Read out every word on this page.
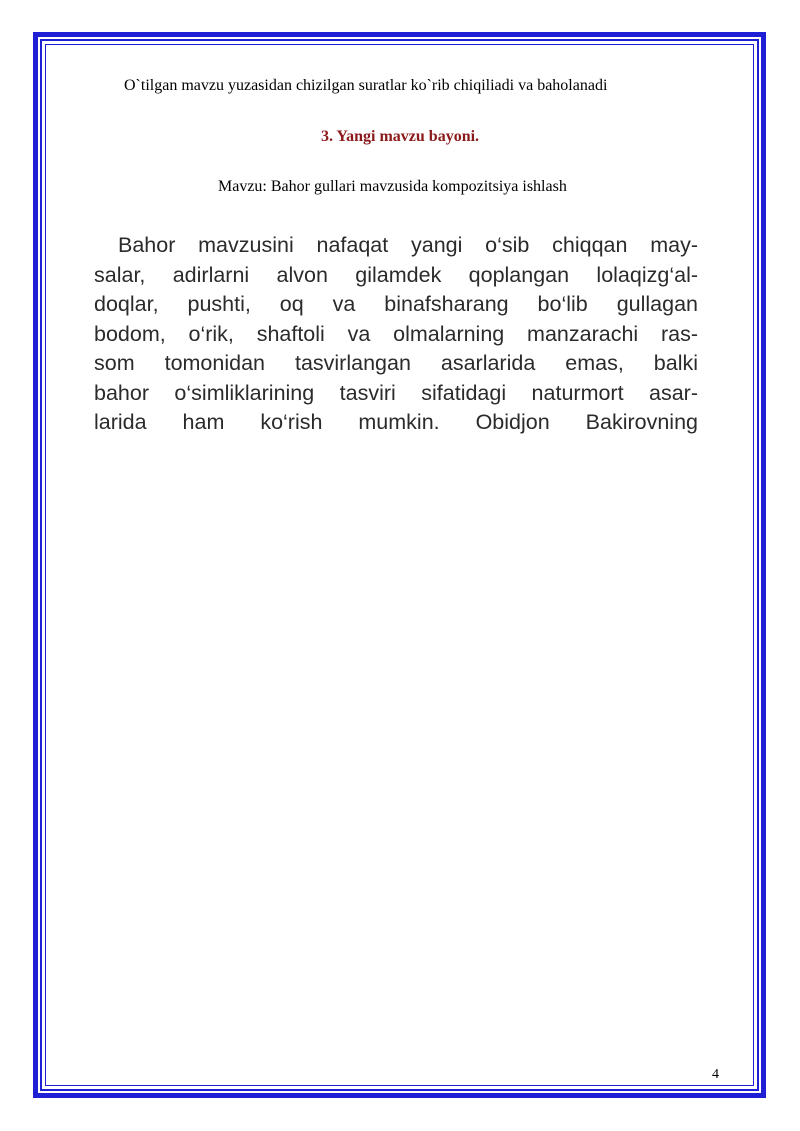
O`tilgan mavzu yuzasidan chizilgan suratlar ko`rib chiqiliadi va baholanadi
3. Yangi mavzu bayoni.
Mavzu: Bahor gullari mavzusida kompozitsiya ishlash
Bahor mavzusini nafaqat yangi o‘sib chiqqan may-
salar, adirlarni alvon gilamdek qoplangan lolaqizg‘al-
doqlar, pushti, oq va binafsharang bo‘lib gullagan
bodom, o‘rik, shaftoli va olmalarning manzarachi ras-
som tomonidan tasvirlangan asarlarida emas, balki
bahor o‘simliklarining tasviri sifatidagi naturmort asar-
larida ham ko‘rish mumkin. Obidjon Bakirovning
4
